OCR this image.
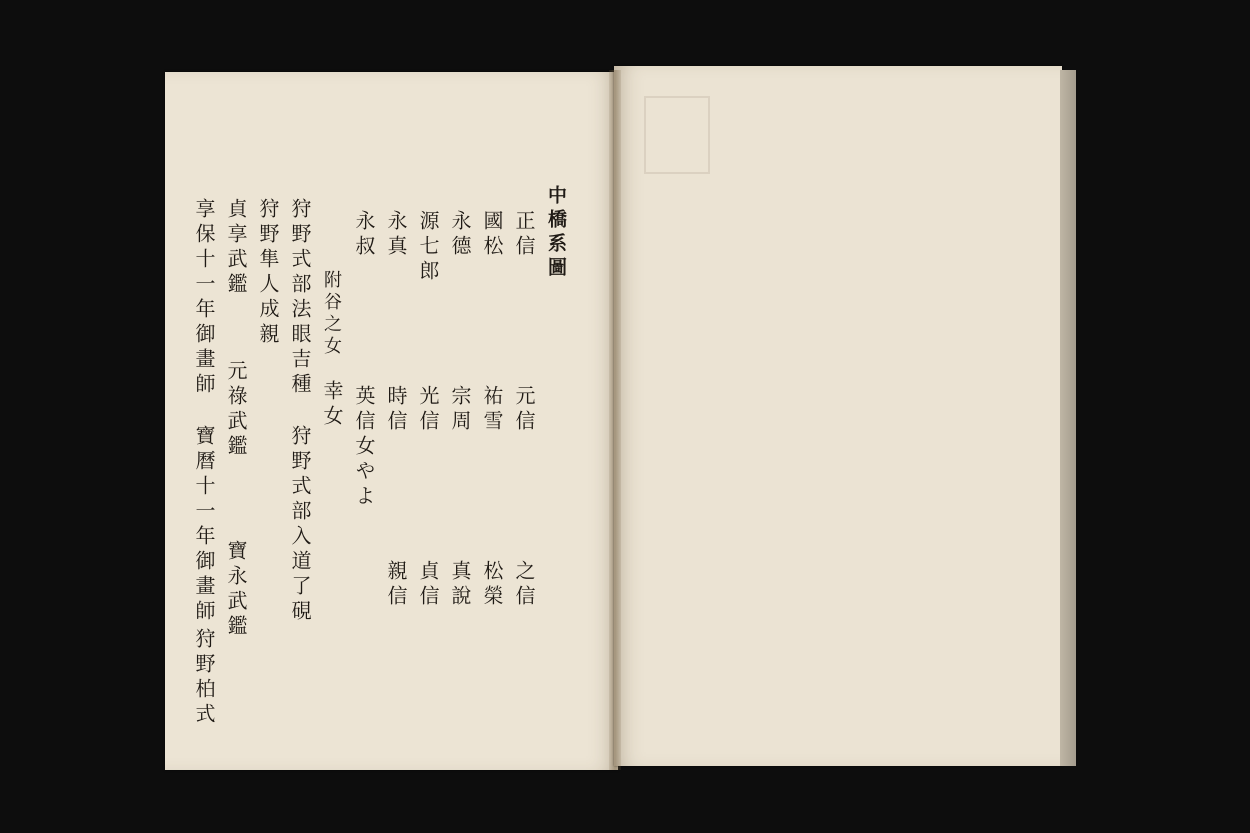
中橋系圖
正信
元信
之信
國松
祐雪
松榮
永德
宗周
真說
源七郎
光信
貞信
永真
時信
親信
永叔
英信女やよ
附谷之女
幸女
狩野式部法眼吉種
狩野式部入道了硯
狩野隼人成親
貞享武鑑
元祿武鑑
寶永武鑑
享保十一年御畫師
寶曆十一年御畫師
狩野柏式
